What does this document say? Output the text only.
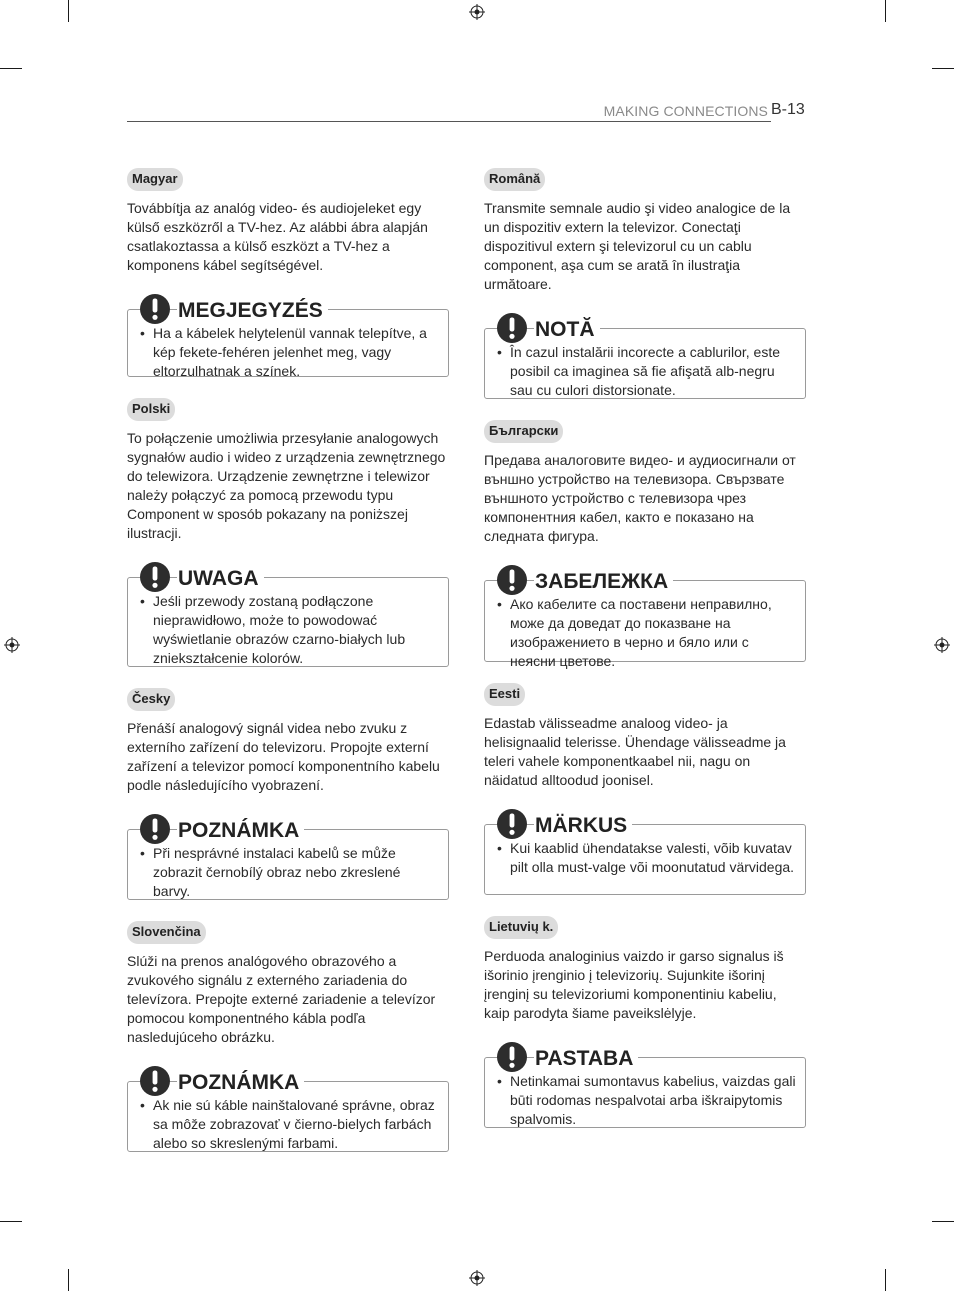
MAKING CONNECTIONS B-13
Magyar
Továbbítja az analóg video- és audiojeleket egy külső eszközről a TV-hez. Az alábbi ábra alapján csatlakoztassa a külső eszközt a TV-hez a komponens kábel segítségével.
MEGJEGYZÉS
• Ha a kábelek helytelenül vannak telepítve, a kép fekete-fehéren jelenhet meg, vagy eltorzulhatnak a színek.
Polski
To połączenie umożliwia przesyłanie analogowych sygnałów audio i wideo z urządzenia zewnętrznego do telewizora. Urządzenie zewnętrzne i telewizor należy połączyć za pomocą przewodu typu Component w sposób pokazany na poniższej ilustracji.
UWAGA
• Jeśli przewody zostaną podłączone nieprawidłowo, może to powodować wyświetlanie obrazów czarno-białych lub zniekształcenie kolorów.
Česky
Přenáší analogový signál videa nebo zvuku z externího zařízení do televizoru. Propojte externí zařízení a televizor pomocí komponentního kabelu podle následujícího vyobrazení.
POZNÁMKA
• Při nesprávné instalaci kabelů se může zobrazit černobílý obraz nebo zkreslené barvy.
Slovenčina
Slúži na prenos analógového obrazového a zvukového signálu z externého zariadenia do televízora. Prepojte externé zariadenie a televízor pomocou komponentného kábla podľa nasledujúceho obrázku.
POZNÁMKA
• Ak nie sú káble nainštalované správne, obraz sa môže zobrazovať v čierno-bielych farbách alebo so skreslenými farbami.
Română
Transmite semnale audio şi video analogice de la un dispozitiv extern la televizor. Conectaţi dispozitivul extern şi televizorul cu un cablu component, aşa cum se arată în ilustraţia următoare.
NOTĂ
• În cazul instalării incorecte a cablurilor, este posibil ca imaginea să fie afişată alb-negru sau cu culori distorsionate.
Български
Предава аналоговите видео- и аудиосигнали от външно устройство на телевизора. Свързвате външното устройство с телевизора чрез компонентния кабел, както е показано на следната фигура.
ЗАБЕЛЕЖКА
• Ако кабелите са поставени неправилно, може да доведат до показване на изображението в черно и бяло или с неясни цветове.
Eesti
Edastab välisseadme analoog video- ja helisignaalid telerisse. Ühendage välisseadme ja teleri vahele komponentkaabel nii, nagu on näidatud alltoodud joonisel.
MÄRKUS
• Kui kaablid ühendatakse valesti, võib kuvatav pilt olla must-valge või moonutatud värvidega.
Lietuvių k.
Perduoda analoginius vaizdo ir garso signalus iš išorinio įrenginio į televizorių. Sujunkite išorinį įrenginį su televizoriumi komponentiniu kabeliu, kaip parodyta šiame paveikslėlyje.
PASTABA
• Netinkamai sumontavus kabelius, vaizdas gali būti rodomas nespalvotai arba iškraipytomis spalvomis.
